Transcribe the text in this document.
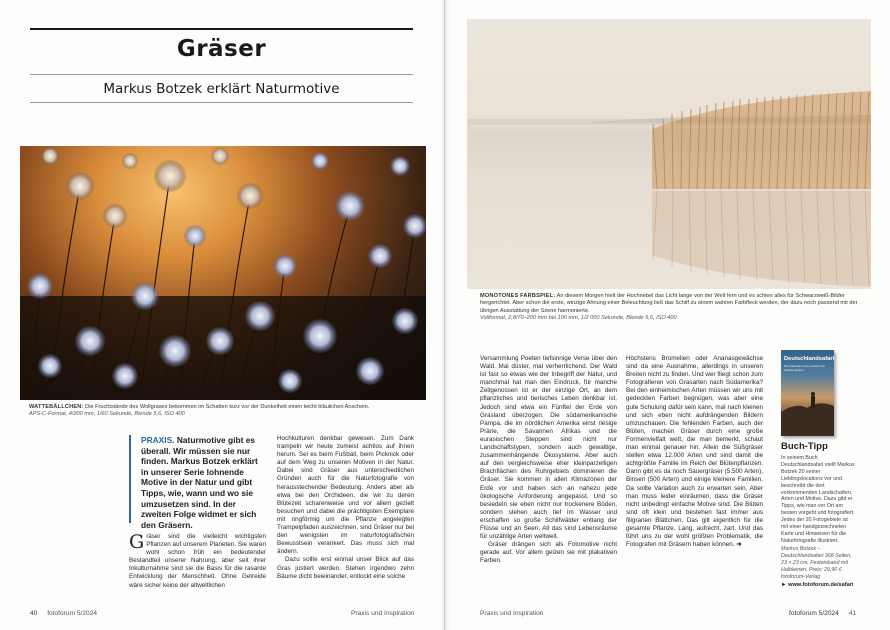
Gräser
Markus Botzek erklärt Naturmotive
WATTEBÄLLCHEN: Die Fruchtstände des Wollgrases bekommen im Schatten kurz vor der Dunkelheit einen leicht bläulichen Anschein.
APS-C-Format, 4/200 mm, 1/60 Sekunde, Blende 5,6, ISO 400
PRAXIS. Naturmotive gibt es überall. Wir müssen sie nur finden. Markus Botzek erklärt in unserer Serie lohnende Motive in der Natur und gibt Tipps, wie, wann und wo sie umzusetzen sind. In der zweiten Folge widmet er sich den Gräsern.
G räser sind die vielleicht wichtigsten Pflanzen auf unserem Planeten. Sie waren wohl schon früh ein bedeutender Bestandteil unserer Nahrung, aber seit ihrer Inkulturnahme sind sie die Basis für die rasante Entwicklung der Menschheit. Ohne Getreide wäre sicher keine der altweltlichen

Hochkulturen denkbar gewesen. Zum Dank trampeln wir heute zumeist achtlos auf ihnen herum. Sei es beim Fußball, beim Picknick oder auf dem Weg zu unseren Motiven in der Natur. Dabei sind Gräser aus unterschiedlichen Gründen auch für die Naturfotografie von herausstechender Bedeutung. Anders aber als etwa bei den Orchideen, die wir zu deren Blütezeit scharenweise und vor allem gezielt besuchen und dabei die prächtigsten Exemplare mit ringförmig um die Pflanze angelegten Trampelpfaden auszeichnen, sind Gräser nur bei den wenigsten im naturfotografischen Bewusstsein verankert. Das muss sich mal ändern.

Dazu sollte erst einmal unser Blick auf das Gras justiert werden. Stehen irgendwo zehn Bäume dicht beieinander, entlockt eine solche

40 fotoforum 5/2024	Praxis und Inspiration
MONOTONES FARBSPIEL: An diesem Morgen hielt der Hochnebel das Licht lange von der Welt fern und es schien alles für Schwarzweiß-Bilder hergerichtet. Aber schon die erste, winzige Ahnung einer Beleuchtung ließ das Schilf zu einem wahren Farbfleck werden, der dazu noch passend mit der übrigen Ausstattung der Szene harmonierte.
Vollformat, 2,8/70–200 mm bei 100 mm, 1/2 000 Sekunde, Blende 5,6, ISO 400

Versammlung Poeten tiefsinnige Verse über den Wald. Mal düster, mal verherrlichend. Der Wald ist fast so etwas wie der Inbegriff der Natur, und manchmal hat man den Eindruck, für manche Zeitgenossen ist er der einzige Ort, an dem pflanzliches und tierisches Leben denkbar ist. Jedoch sind etwa ein Fünftel der Erde von Grasland überzogen. Die südamerikanische Pampa, die im nördlichen Amerika einst riesige Prärie, die Savannen Afrikas und die eurasischen Steppen sind nicht nur Landschaftstypen, sondern auch gewaltige, zusammenhängende Ökosysteme. Aber auch auf den vergleichsweise eher kleinparzelligen Brachflächen des Ruhrgebiets dominieren die Gräser. Sie kommen in allen Klimazonen der Erde vor und haben sich an nahezu jede ökologische Anforderung angepasst. Und so besiedeln sie eben nicht nur trockenere Böden, sondern stehen auch tief im Wasser und erschaffen so große Schilfwälder entlang der Flüsse und an Seen. All das sind Lebensräume für unzählige Arten weltweit.

Gräser drängen sich als Fotomotive nicht gerade auf. Vor allem geizen sie mit plakativen Farben.

Höchstens Bromelien oder Ananasgewächse sind da eine Ausnahme, allerdings in unseren Breiten nicht zu finden. Und wer fliegt schon zum Fotografieren von Grasarten nach Südamerika? Bei den einheimischen Arten müssen wir uns mit gedeckten Farben begnügen, was aber eine gute Schulung dafür sein kann, mal nach kleinen und sich eben nicht aufdrängenden Bildern umzuschauen. Die fehlenden Farben, auch der Blüten, machen Gräser durch eine große Formenvielfalt wett, die man bemerkt, schaut man einmal genauer hin. Allein die Süßgräser stellen etwa 12.000 Arten und sind damit die achtgrößte Familie im Reich der Blütenpflanzen. Dann gibt es da noch Sauergräser (5.500 Arten), Binsen (500 Arten) und einige kleinere Familien. Da sollte Variation auch zu erwarten sein. Aber man muss leider einräumen, dass die Gräser nicht unbedingt einfache Motive sind. Die Blüten sind oft klein und bestehen fast immer aus filigranen Blättchen. Das gilt eigentlich für die gesamte Pflanze. Lang, aufrecht, zart. Und das führt uns zu der wohl größten Problematik, die Fotografen mit Gräsern haben können. ➜
Deutschlandsafari
Die schönsten Foto-Locations für Naturfotografen
Buch-Tipp
In seinem Buch Deutschlandsafari stellt Markus Botzek 20 seiner Lieblingslocations vor und beschreibt die dort vorkommenden Landschaften, Arten und Motive. Dazu gibt er Tipps, wie man vor Ort am besten vorgeht und fotografiert. Jedes der 20 Fotogebiete ist mit einer handgezeichneten Karte und Hinweisen für die Naturfotografie illustriert.
Markus Botzek – Deutschlandsafari 368 Seiten, 23 × 23 cm, Festeinband mit Halbleinen, Preis: 29,90 € fotoforum-Verlag
► www.fotoforum.de/safari
Praxis und Inspiration	fotoforum 5/2024 41
